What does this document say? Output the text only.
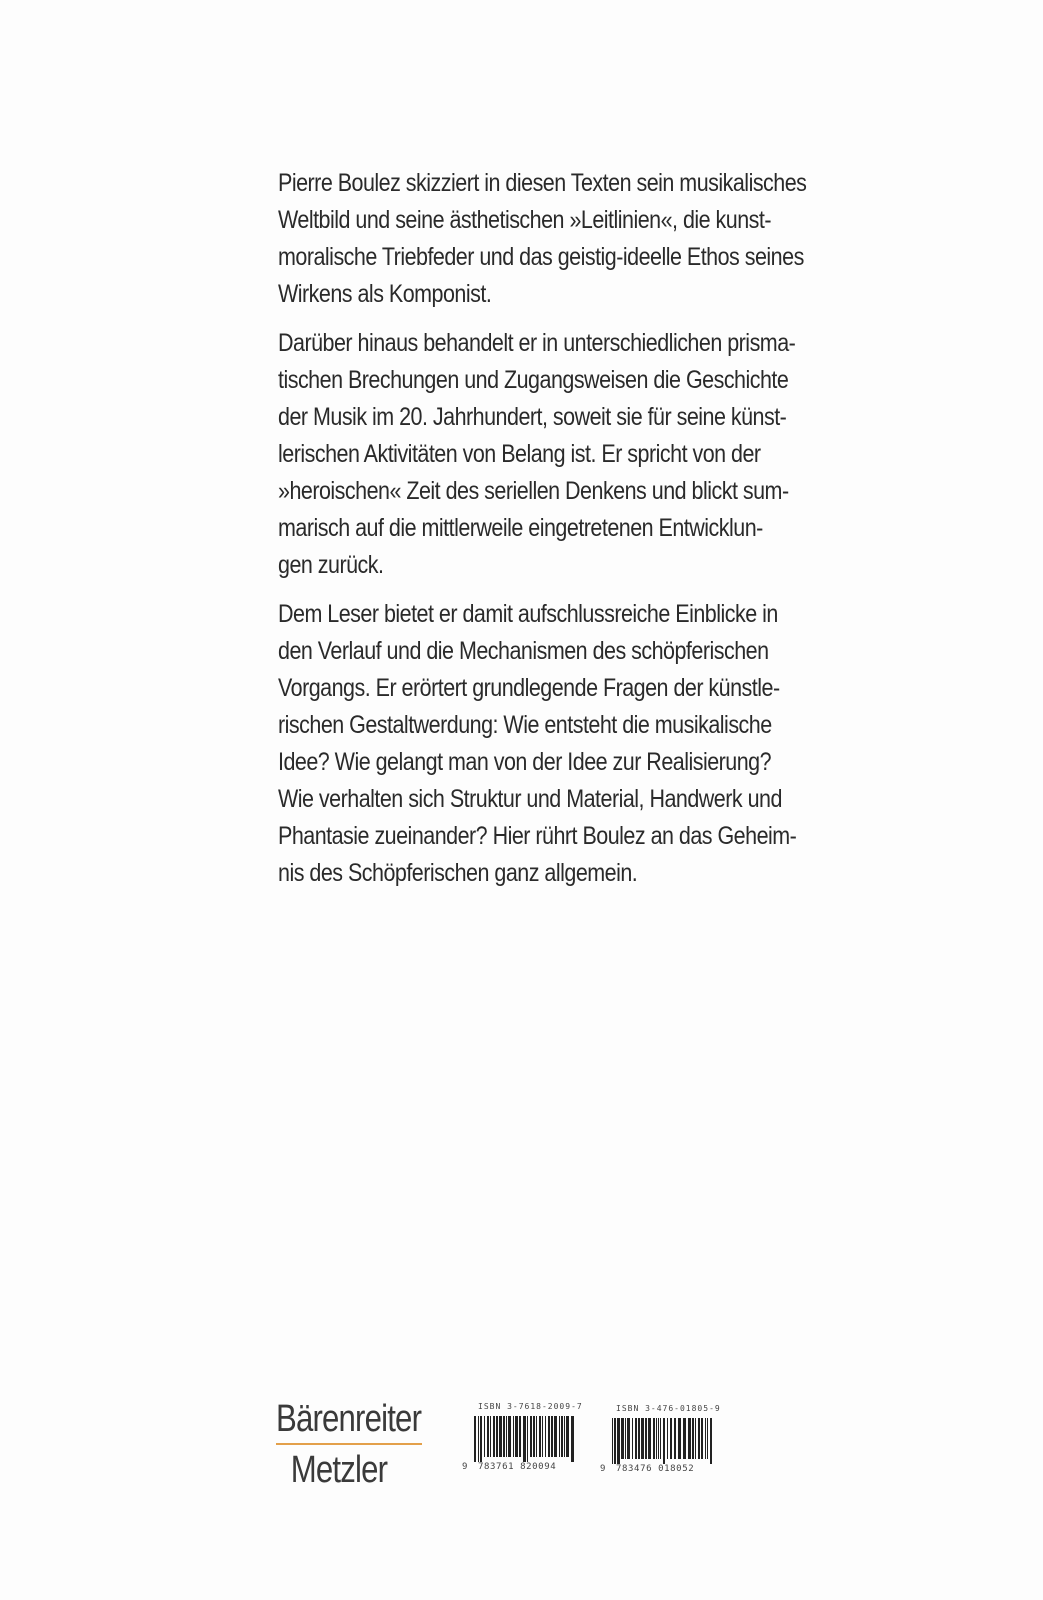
Pierre Boulez skizziert in diesen Texten sein musikalisches
Weltbild und seine ästhetischen »Leitlinien«, die kunst-
moralische Triebfeder und das geistig-ideelle Ethos seines
Wirkens als Komponist.

Darüber hinaus behandelt er in unterschiedlichen prisma-
tischen Brechungen und Zugangsweisen die Geschichte
der Musik im 20. Jahrhundert, soweit sie für seine künst-
lerischen Aktivitäten von Belang ist. Er spricht von der
»heroischen« Zeit des seriellen Denkens und blickt sum-
marisch auf die mittlerweile eingetretenen Entwicklun-
gen zurück.

Dem Leser bietet er damit aufschlussreiche Einblicke in
den Verlauf und die Mechanismen des schöpferischen
Vorgangs. Er erörtert grundlegende Fragen der künstle-
rischen Gestaltwerdung: Wie entsteht die musikalische
Idee? Wie gelangt man von der Idee zur Realisierung?
Wie verhalten sich Struktur und Material, Handwerk und
Phantasie zueinander? Hier rührt Boulez an das Geheim-
nis des Schöpferischen ganz allgemein.

Bärenreiter
Metzler
ISBN 3-7618-2009-7
9 783761 820094
ISBN 3-476-01805-9
9 783476 018052
